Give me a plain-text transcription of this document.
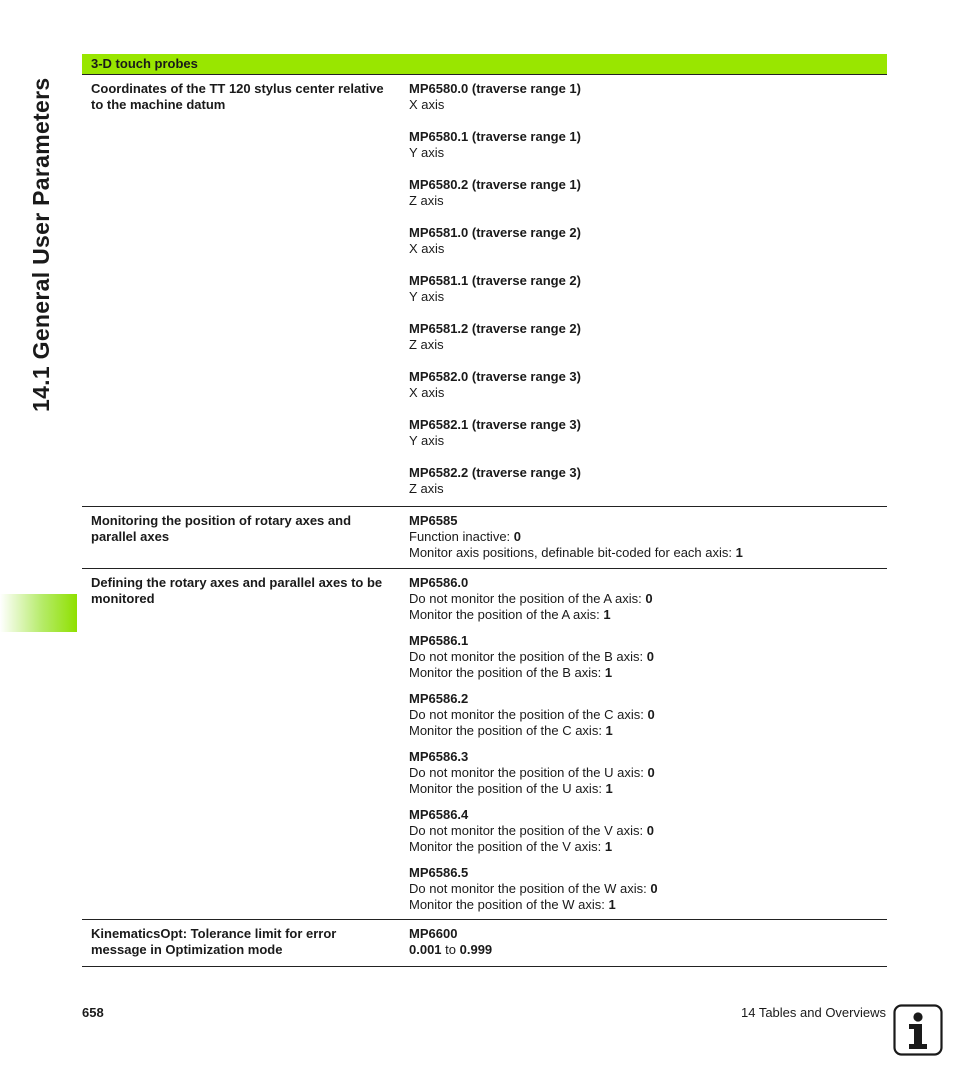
14.1 General User Parameters
3-D touch probes
Coordinates of the TT 120 stylus center relative to the machine datum
MP6580.0 (traverse range 1)
X axis
MP6580.1 (traverse range 1)
Y axis
MP6580.2 (traverse range 1)
Z axis
MP6581.0 (traverse range 2)
X axis
MP6581.1 (traverse range 2)
Y axis
MP6581.2 (traverse range 2)
Z axis
MP6582.0 (traverse range 3)
X axis
MP6582.1 (traverse range 3)
Y axis
MP6582.2 (traverse range 3)
Z axis
Monitoring the position of rotary axes and parallel axes
MP6585
Function inactive: 0
Monitor axis positions, definable bit-coded for each axis: 1
Defining the rotary axes and parallel axes to be monitored
MP6586.0
Do not monitor the position of the A axis: 0
Monitor the position of the A axis: 1
MP6586.1
Do not monitor the position of the B axis: 0
Monitor the position of the B axis: 1
MP6586.2
Do not monitor the position of the C axis: 0
Monitor the position of the C axis: 1
MP6586.3
Do not monitor the position of the U axis: 0
Monitor the position of the U axis: 1
MP6586.4
Do not monitor the position of the V axis: 0
Monitor the position of the V axis: 1
MP6586.5
Do not monitor the position of the W axis: 0
Monitor the position of the W axis: 1
KinematicsOpt: Tolerance limit for error message in Optimization mode
MP6600
0.001 to 0.999
658	14 Tables and Overviews
